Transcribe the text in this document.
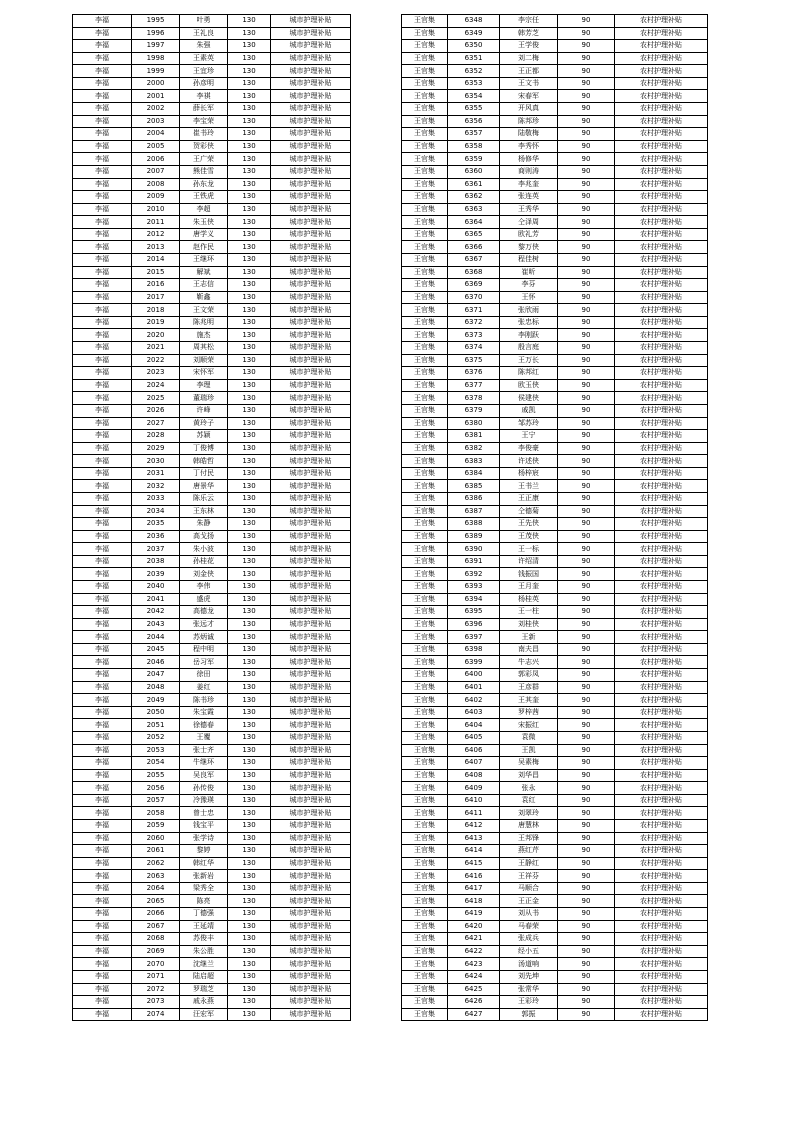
李福	1995	叶勇	130	城市护理补贴
李福	1996	王礼良	130	城市护理补贴
李福	1997	朱强	130	城市护理补贴
李福	1998	王素英	130	城市护理补贴
李福	1999	王宜珍	130	城市护理补贴
李福	2000	孙彦明	130	城市护理补贴
李福	2001	李祺	130	城市护理补贴
李福	2002	薛长军	130	城市护理补贴
李福	2003	李宝荣	130	城市护理补贴
李福	2004	崔书玲	130	城市护理补贴
李福	2005	贺彩侠	130	城市护理补贴
李福	2006	王广荣	130	城市护理补贴
李福	2007	熊佳雪	130	城市护理补贴
李福	2008	孙东龙	130	城市护理补贴
李福	2009	王铁虎	130	城市护理补贴
李福	2010	李超	130	城市护理补贴
李福	2011	朱玉侠	130	城市护理补贴
李福	2012	唐学义	130	城市护理补贴
李福	2013	赵作民	130	城市护理补贴
李福	2014	王继环	130	城市护理补贴
李福	2015	解斌	130	城市护理补贴
李福	2016	王志信	130	城市护理补贴
李福	2017	靳鑫	130	城市护理补贴
李福	2018	王文荣	130	城市护理补贴
李福	2019	陈兆明	130	城市护理补贴
李福	2020	施杰	130	城市护理补贴
李福	2021	周其松	130	城市护理补贴
李福	2022	刘顺荣	130	城市护理补贴
李福	2023	宋怀军	130	城市护理补贴
李福	2024	李理	130	城市护理补贴
李福	2025	董瑞珍	130	城市护理补贴
李福	2026	许峰	130	城市护理补贴
李福	2027	黄玲子	130	城市护理补贴
李福	2028	苏颖	130	城市护理补贴
李福	2029	丁俊博	130	城市护理补贴
李福	2030	韩皓哲	130	城市护理补贴
李福	2031	丁付民	130	城市护理补贴
李福	2032	唐景华	130	城市护理补贴
李福	2033	陈乐云	130	城市护理补贴
李福	2034	王东林	130	城市护理补贴
李福	2035	朱静	130	城市护理补贴
李福	2036	高戈扬	130	城市护理补贴
李福	2037	朱小波	130	城市护理补贴
李福	2038	孙桂花	130	城市护理补贴
李福	2039	刘金侠	130	城市护理补贴
李福	2040	李伟	130	城市护理补贴
李福	2041	盛虎	130	城市护理补贴
李福	2042	高德龙	130	城市护理补贴
李福	2043	张远才	130	城市护理补贴
李福	2044	苏炳诚	130	城市护理补贴
李福	2045	程中明	130	城市护理补贴
李福	2046	岳习军	130	城市护理补贴
李福	2047	徐田	130	城市护理补贴
李福	2048	姜红	130	城市护理补贴
李福	2049	陈书珍	130	城市护理补贴
李福	2050	朱宝霞	130	城市护理补贴
李福	2051	徐德春	130	城市护理补贴
李福	2052	王覆	130	城市护理补贴
李福	2053	张士齐	130	城市护理补贴
李福	2054	牛继环	130	城市护理补贴
李福	2055	吴良军	130	城市护理补贴
李福	2056	孙传俊	130	城市护理补贴
李福	2057	冷豫瑛	130	城市护理补贴
李福	2058	曾士忠	130	城市护理补贴
李福	2059	钱宝平	130	城市护理补贴
李福	2060	张学诗	130	城市护理补贴
李福	2061	黎婷	130	城市护理补贴
李福	2062	韩红华	130	城市护理补贴
李福	2063	张新岩	130	城市护理补贴
李福	2064	梁秀全	130	城市护理补贴
李福	2065	陈亮	130	城市护理补贴
李福	2066	丁德强	130	城市护理补贴
李福	2067	王延靖	130	城市护理补贴
李福	2068	苏俊丰	130	城市护理补贴
李福	2069	朱公胜	130	城市护理补贴
李福	2070	沈继兰	130	城市护理补贴
李福	2071	陆启超	130	城市护理补贴
李福	2072	罗瑞芝	130	城市护理补贴
李福	2073	戚永燕	130	城市护理补贴
李福	2074	汪宏军	130	城市护理补贴
王官集	6348	李宗任	90	农村护理补贴
王官集	6349	韩芳芝	90	农村护理补贴
王官集	6350	王学俊	90	农村护理补贴
王官集	6351	刘二梅	90	农村护理补贴
王官集	6352	王正都	90	农村护理补贴
王官集	6353	王文书	90	农村护理补贴
王官集	6354	宋春军	90	农村护理补贴
王官集	6355	开风真	90	农村护理补贴
王官集	6356	陈邦珍	90	农村护理补贴
王官集	6357	陆敬梅	90	农村护理补贴
王官集	6358	李秀怀	90	农村护理补贴
王官集	6359	杨修华	90	农村护理补贴
王官集	6360	商则涛	90	农村护理补贴
王官集	6361	李兆奎	90	农村护理补贴
王官集	6362	张连英	90	农村护理补贴
王官集	6363	王秀华	90	农村护理补贴
王官集	6364	仝泽周	90	农村护理补贴
王官集	6365	欧礼芳	90	农村护理补贴
王官集	6366	黎万侠	90	农村护理补贴
王官集	6367	程佳树	90	农村护理补贴
王官集	6368	崔昕	90	农村护理补贴
王官集	6369	李芬	90	农村护理补贴
王官集	6370	王怀	90	农村护理补贴
王官集	6371	张欣雨	90	农村护理补贴
王官集	6372	张忠标	90	农村护理补贴
王官集	6373	李刚跃	90	农村护理补贴
王官集	6374	殷言庭	90	农村护理补贴
王官集	6375	王万长	90	农村护理补贴
王官集	6376	陈邦红	90	农村护理补贴
王官集	6377	欧玉侠	90	农村护理补贴
王官集	6378	侯建侠	90	农村护理补贴
王官集	6379	戚凯	90	农村护理补贴
王官集	6380	邹苏玲	90	农村护理补贴
王官集	6381	王宁	90	农村护理补贴
王官集	6382	李俊豪	90	农村护理补贴
王官集	6383	许述侠	90	农村护理补贴
王官集	6384	杨梓宸	90	农村护理补贴
王官集	6385	王书兰	90	农村护理补贴
王官集	6386	王正康	90	农村护理补贴
王官集	6387	仝德菊	90	农村护理补贴
王官集	6388	王先侠	90	农村护理补贴
王官集	6389	王茂侠	90	农村护理补贴
王官集	6390	王一标	90	农村护理补贴
王官集	6391	许绍清	90	农村护理补贴
王官集	6392	钱振国	90	农村护理补贴
王官集	6393	王月奎	90	农村护理补贴
王官集	6394	杨桂英	90	农村护理补贴
王官集	6395	王一柱	90	农村护理补贴
王官集	6396	刘桂侠	90	农村护理补贴
王官集	6397	王新	90	农村护理补贴
王官集	6398	南夫昌	90	农村护理补贴
王官集	6399	牛志兴	90	农村护理补贴
王官集	6400	郭彩凤	90	农村护理补贴
王官集	6401	王彦群	90	农村护理补贴
王官集	6402	王其奎	90	农村护理补贴
王官集	6403	罗梓茜	90	农村护理补贴
王官集	6404	宋振红	90	农村护理补贴
王官集	6405	袁微	90	农村护理补贴
王官集	6406	王凯	90	农村护理补贴
王官集	6407	吴素梅	90	农村护理补贴
王官集	6408	刘华昌	90	农村护理补贴
王官集	6409	张永	90	农村护理补贴
王官集	6410	袁红	90	农村护理补贴
王官集	6411	刘翠玲	90	农村护理补贴
王官集	6412	唐慧林	90	农村护理补贴
王官集	6413	王邦锋	90	农村护理补贴
王官集	6414	燕红芹	90	农村护理补贴
王官集	6415	王静红	90	农村护理补贴
王官集	6416	王祥芬	90	农村护理补贴
王官集	6417	马顺合	90	农村护理补贴
王官集	6418	王正金	90	农村护理补贴
王官集	6419	刘从书	90	农村护理补贴
王官集	6420	马春荣	90	农村护理补贴
王官集	6421	张成兵	90	农村护理补贴
王官集	6422	经小五	90	农村护理补贴
王官集	6423	汤道响	90	农村护理补贴
王官集	6424	刘先坤	90	农村护理补贴
王官集	6425	张常华	90	农村护理补贴
王官集	6426	王彩玲	90	农村护理补贴
王官集	6427	郭振	90	农村护理补贴
